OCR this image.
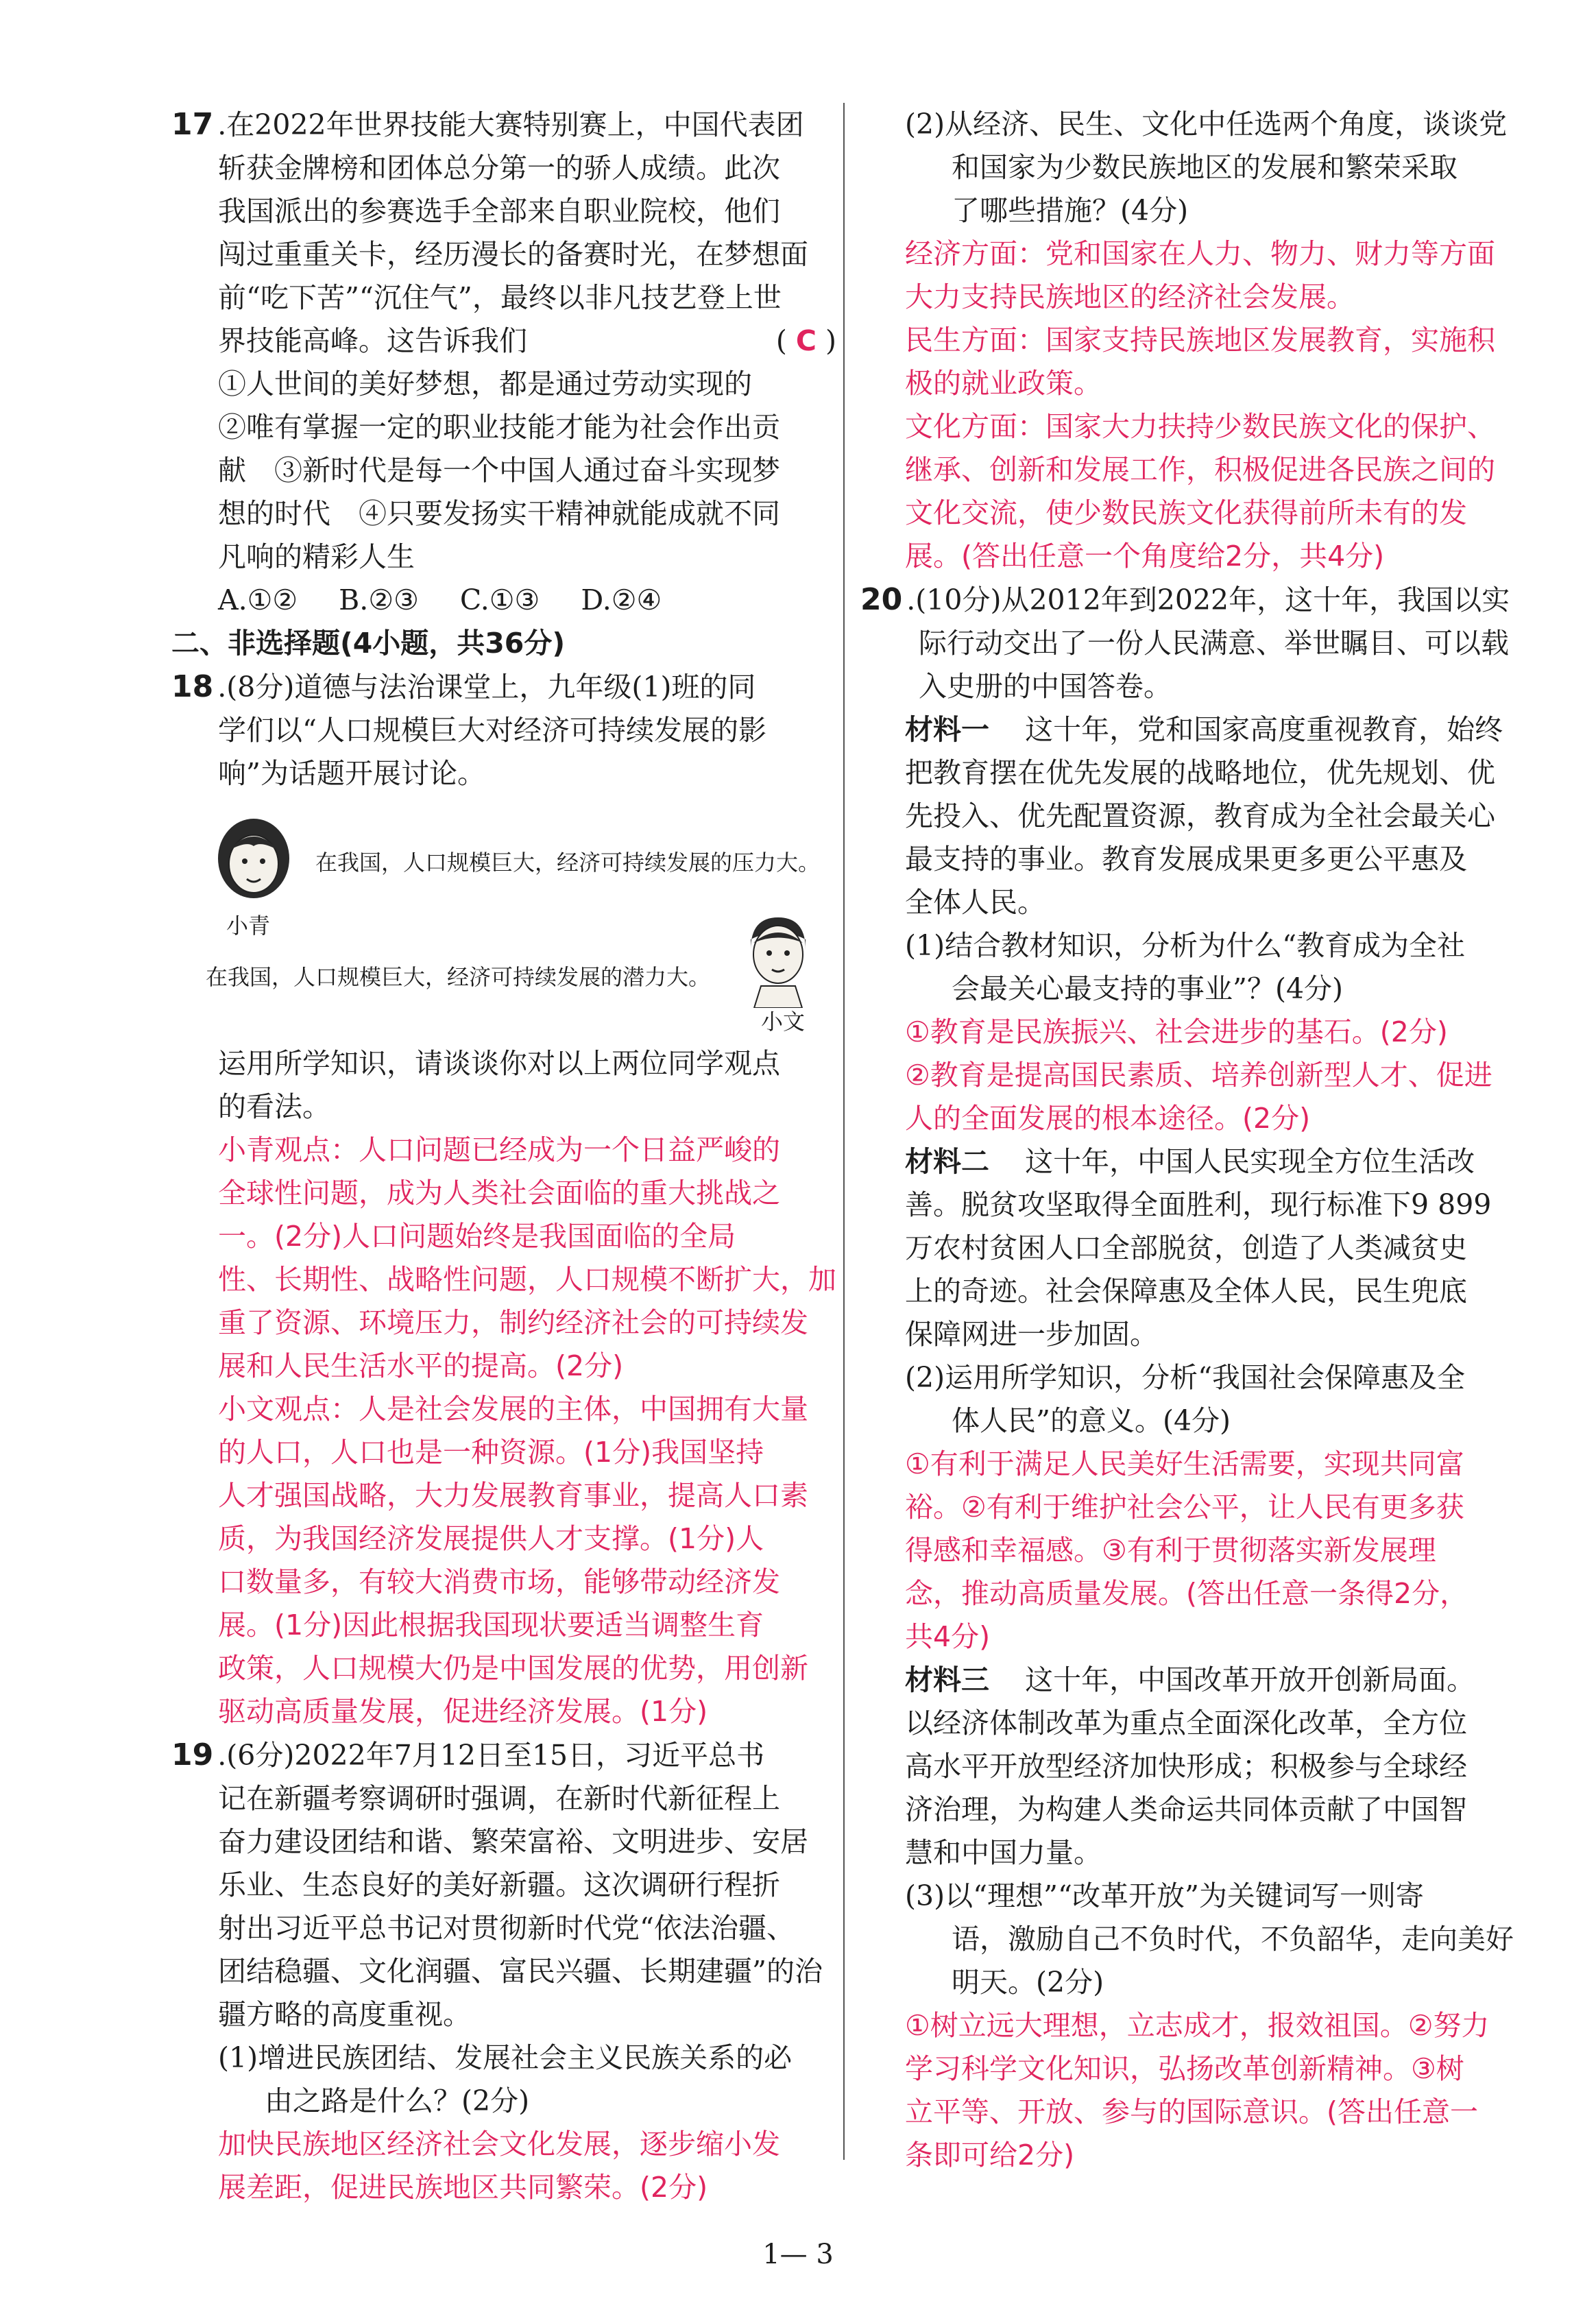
17 .在2022年世界技能大赛特别赛上，中国代表团
斩获金牌榜和团体总分第一的骄人成绩。此次
我国派出的参赛选手全部来自职业院校，他们
闯过重重关卡，经历漫长的备赛时光，在梦想面
前“吃下苦”“沉住气”，最终以非凡技艺登上世
界技能高峰。这告诉我们	( C )
①人世间的美好梦想，都是通过劳动实现的
②唯有掌握一定的职业技能才能为社会作出贡
献　③新时代是每一个中国人通过奋斗实现梦
想的时代　④只要发扬实干精神就能成就不同
凡响的精彩人生
A.①② B.②③ C.①③ D.②④
二、非选择题(4小题，共36分)
18 .(8分)道德与法治课堂上，九年级(1)班的同
学们以“人口规模巨大对经济可持续发展的影
响”为话题开展讨论。
在我国，人口规模巨大，经济可持续发展的压力大。
小青
在我国，人口规模巨大，经济可持续发展的潜力大。
小文
运用所学知识，请谈谈你对以上两位同学观点
的看法。
小青观点：人口问题已经成为一个日益严峻的
全球性问题，成为人类社会面临的重大挑战之
一。(2分)人口问题始终是我国面临的全局
性、长期性、战略性问题，人口规模不断扩大，加
重了资源、环境压力，制约经济社会的可持续发
展和人民生活水平的提高。(2分)
小文观点：人是社会发展的主体，中国拥有大量
的人口，人口也是一种资源。(1分)我国坚持
人才强国战略，大力发展教育事业，提高人口素
质，为我国经济发展提供人才支撑。(1分)人
口数量多，有较大消费市场，能够带动经济发
展。(1分)因此根据我国现状要适当调整生育
政策，人口规模大仍是中国发展的优势，用创新
驱动高质量发展，促进经济发展。(1分)
19 .(6分)2022年7月12日至15日，习近平总书
记在新疆考察调研时强调，在新时代新征程上
奋力建设团结和谐、繁荣富裕、文明进步、安居
乐业、生态良好的美好新疆。这次调研行程折
射出习近平总书记对贯彻新时代党“依法治疆、
团结稳疆、文化润疆、富民兴疆、长期建疆”的治
疆方略的高度重视。
(1)增进民族团结、发展社会主义民族关系的必
由之路是什么？(2分)
加快民族地区经济社会文化发展，逐步缩小发
展差距，促进民族地区共同繁荣。(2分)
(2)从经济、民生、文化中任选两个角度，谈谈党
和国家为少数民族地区的发展和繁荣采取
了哪些措施？(4分)
经济方面：党和国家在人力、物力、财力等方面
大力支持民族地区的经济社会发展。
民生方面：国家支持民族地区发展教育，实施积
极的就业政策。
文化方面：国家大力扶持少数民族文化的保护、
继承、创新和发展工作，积极促进各民族之间的
文化交流，使少数民族文化获得前所未有的发
展。(答出任意一个角度给2分，共4分)
20 .(10分)从2012年到2022年，这十年，我国以实
际行动交出了一份人民满意、举世瞩目、可以载
入史册的中国答卷。
材料一 这十年，党和国家高度重视教育，始终
把教育摆在优先发展的战略地位，优先规划、优
先投入、优先配置资源，教育成为全社会最关心
最支持的事业。教育发展成果更多更公平惠及
全体人民。
(1)结合教材知识，分析为什么“教育成为全社
会最关心最支持的事业”？(4分)
①教育是民族振兴、社会进步的基石。(2分)
②教育是提高国民素质、培养创新型人才、促进
人的全面发展的根本途径。(2分)
材料二 这十年，中国人民实现全方位生活改
善。脱贫攻坚取得全面胜利，现行标准下9 899
万农村贫困人口全部脱贫，创造了人类减贫史
上的奇迹。社会保障惠及全体人民，民生兜底
保障网进一步加固。
(2)运用所学知识，分析“我国社会保障惠及全
体人民”的意义。(4分)
①有利于满足人民美好生活需要，实现共同富
裕。②有利于维护社会公平，让人民有更多获
得感和幸福感。③有利于贯彻落实新发展理
念，推动高质量发展。(答出任意一条得2分，
共4分)
材料三 这十年，中国改革开放开创新局面。
以经济体制改革为重点全面深化改革，全方位
高水平开放型经济加快形成；积极参与全球经
济治理，为构建人类命运共同体贡献了中国智
慧和中国力量。
(3)以“理想”“改革开放”为关键词写一则寄
语，激励自己不负时代，不负韶华，走向美好
明天。(2分)
①树立远大理想，立志成才，报效祖国。②努力
学习科学文化知识，弘扬改革创新精神。③树
立平等、开放、参与的国际意识。(答出任意一
条即可给2分)
1— 3
